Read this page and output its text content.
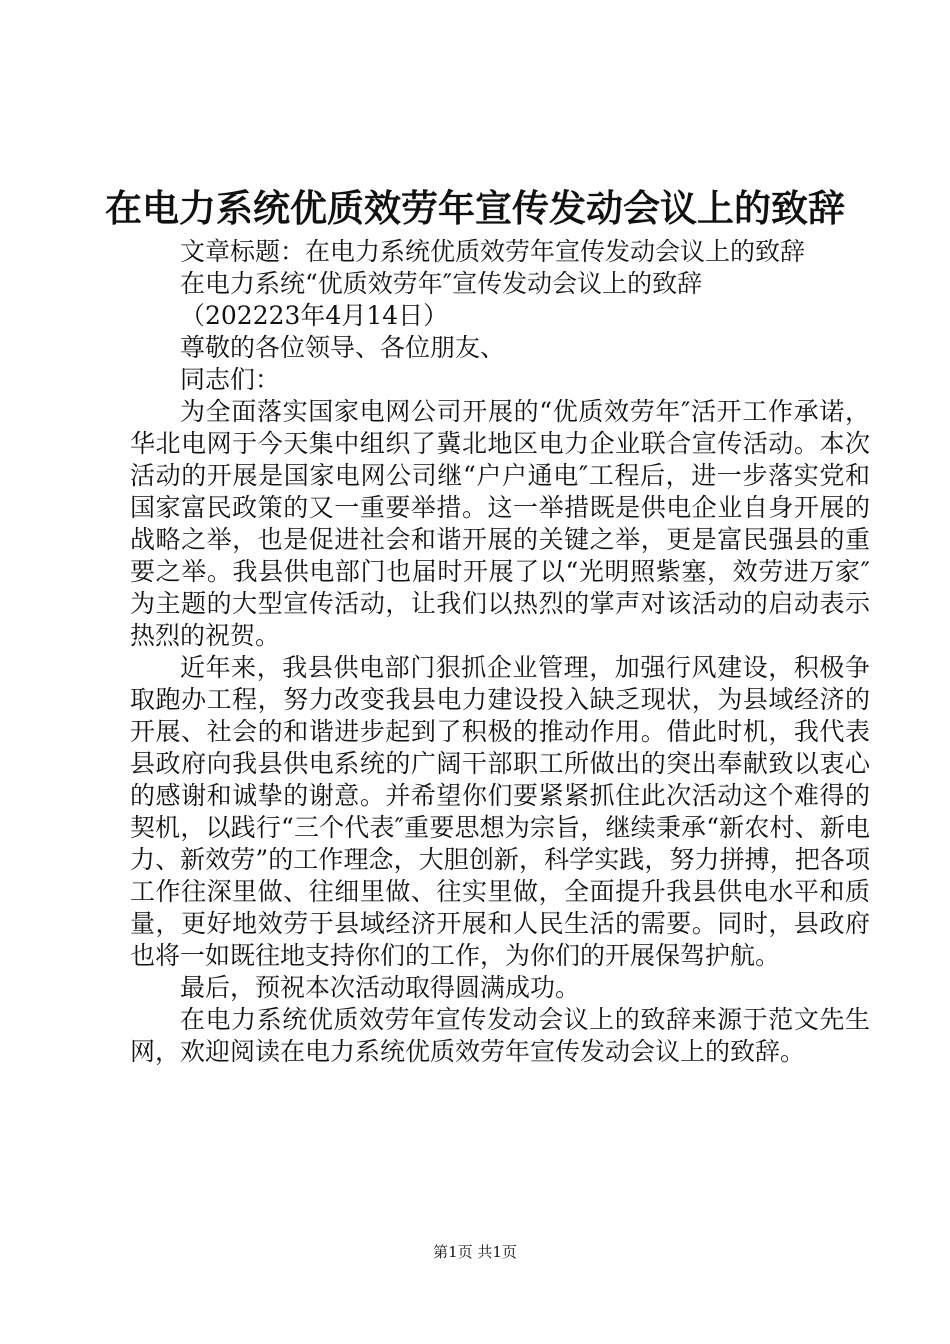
在电力系统优质效劳年宣传发动会议上的致辞

文章标题：在电力系统优质效劳年宣传发动会议上的致辞

在电力系统“优质效劳年″宣传发动会议上的致辞

（202223年4月14日）

尊敬的各位领导、各位朋友、

同志们：

为全面落实国家电网公司开展的“优质效劳年″活开工作承诺，华北电网于今天集中组织了冀北地区电力企业联合宣传活动。本次活动的开展是国家电网公司继“户户通电″工程后，进一步落实党和国家富民政策的又一重要举措。这一举措既是供电企业自身开展的战略之举，也是促进社会和谐开展的关键之举，更是富民强县的重要之举。我县供电部门也届时开展了以“光明照紫塞，效劳进万家″为主题的大型宣传活动，让我们以热烈的掌声对该活动的启动表示热烈的祝贺。

近年来，我县供电部门狠抓企业管理，加强行风建设，积极争取跑办工程，努力改变我县电力建设投入缺乏现状，为县域经济的开展、社会的和谐进步起到了积极的推动作用。借此时机，我代表县政府向我县供电系统的广阔干部职工所做出的突出奉献致以衷心的感谢和诚挚的谢意。并希望你们要紧紧抓住此次活动这个难得的契机，以践行“三个代表″重要思想为宗旨，继续秉承“新农村、新电力、新效劳”的工作理念，大胆创新，科学实践，努力拼搏，把各项工作往深里做、往细里做、往实里做，全面提升我县供电水平和质量，更好地效劳于县域经济开展和人民生活的需要。同时，县政府也将一如既往地支持你们的工作，为你们的开展保驾护航。

最后，预祝本次活动取得圆满成功。

在电力系统优质效劳年宣传发动会议上的致辞来源于范文先生网，欢迎阅读在电力系统优质效劳年宣传发动会议上的致辞。

第1页 共1页
